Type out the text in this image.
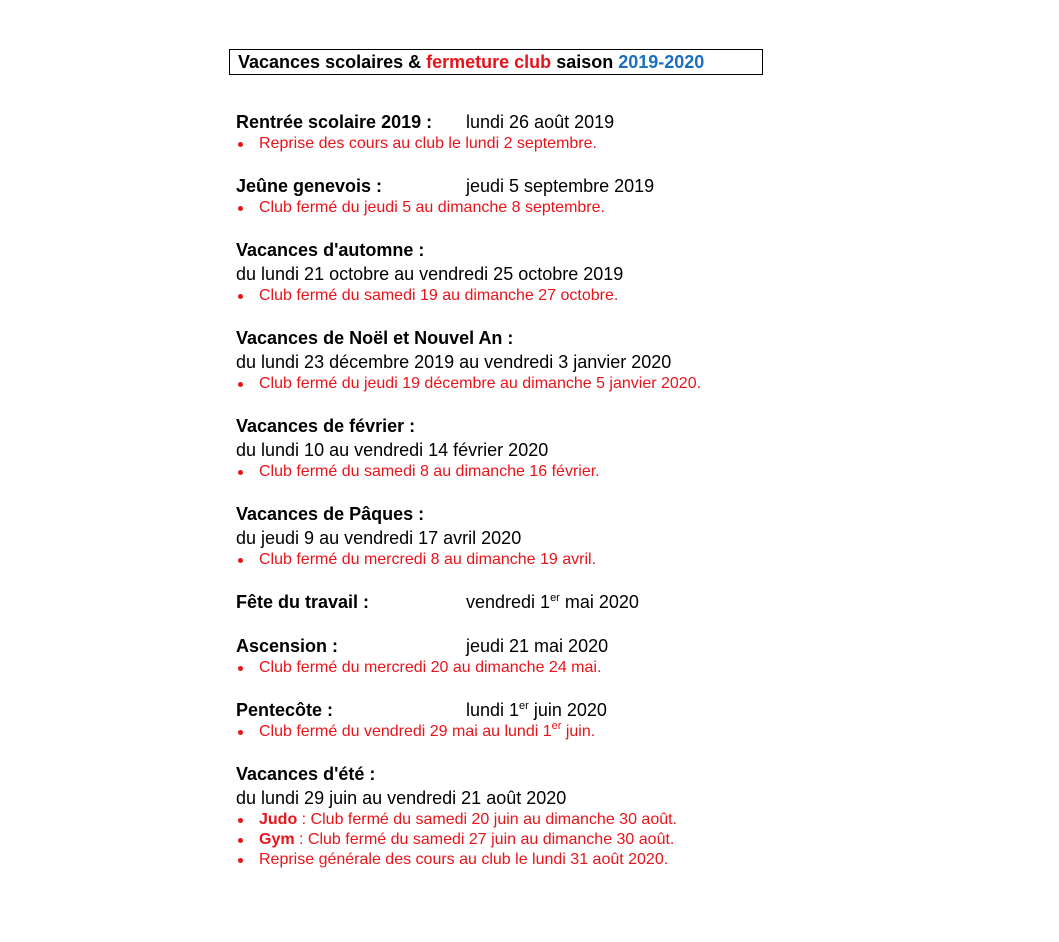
Vacances scolaires & fermeture club saison 2019-2020
Rentrée scolaire 2019 : lundi 26 août 2019
Reprise des cours au club le lundi 2 septembre.
Jeûne genevois :	jeudi 5 septembre 2019
Club fermé du jeudi 5 au dimanche 8 septembre.
Vacances d'automne :
du lundi 21 octobre au vendredi 25 octobre 2019
Club fermé du samedi 19 au dimanche 27 octobre.
Vacances de Noël et Nouvel An :
du lundi 23 décembre 2019 au vendredi 3 janvier 2020
Club fermé du jeudi 19 décembre au dimanche 5 janvier 2020.
Vacances de février :
du lundi 10 au vendredi 14 février 2020
Club fermé du samedi 8 au dimanche 16 février.
Vacances de Pâques :
du jeudi 9 au vendredi 17 avril 2020
Club fermé du mercredi 8 au dimanche 19 avril.
Fête du travail :	vendredi 1er mai 2020
Ascension :	jeudi 21 mai 2020
Club fermé du mercredi 20 au dimanche 24 mai.
Pentecôte :	lundi 1er juin 2020
Club fermé du vendredi 29 mai au lundi 1er juin.
Vacances d'été :
du lundi 29 juin au vendredi 21 août 2020
Judo : Club fermé du samedi 20 juin au dimanche 30 août.
Gym : Club fermé du samedi 27 juin au dimanche 30 août.
Reprise générale des cours au club le lundi 31 août 2020.
